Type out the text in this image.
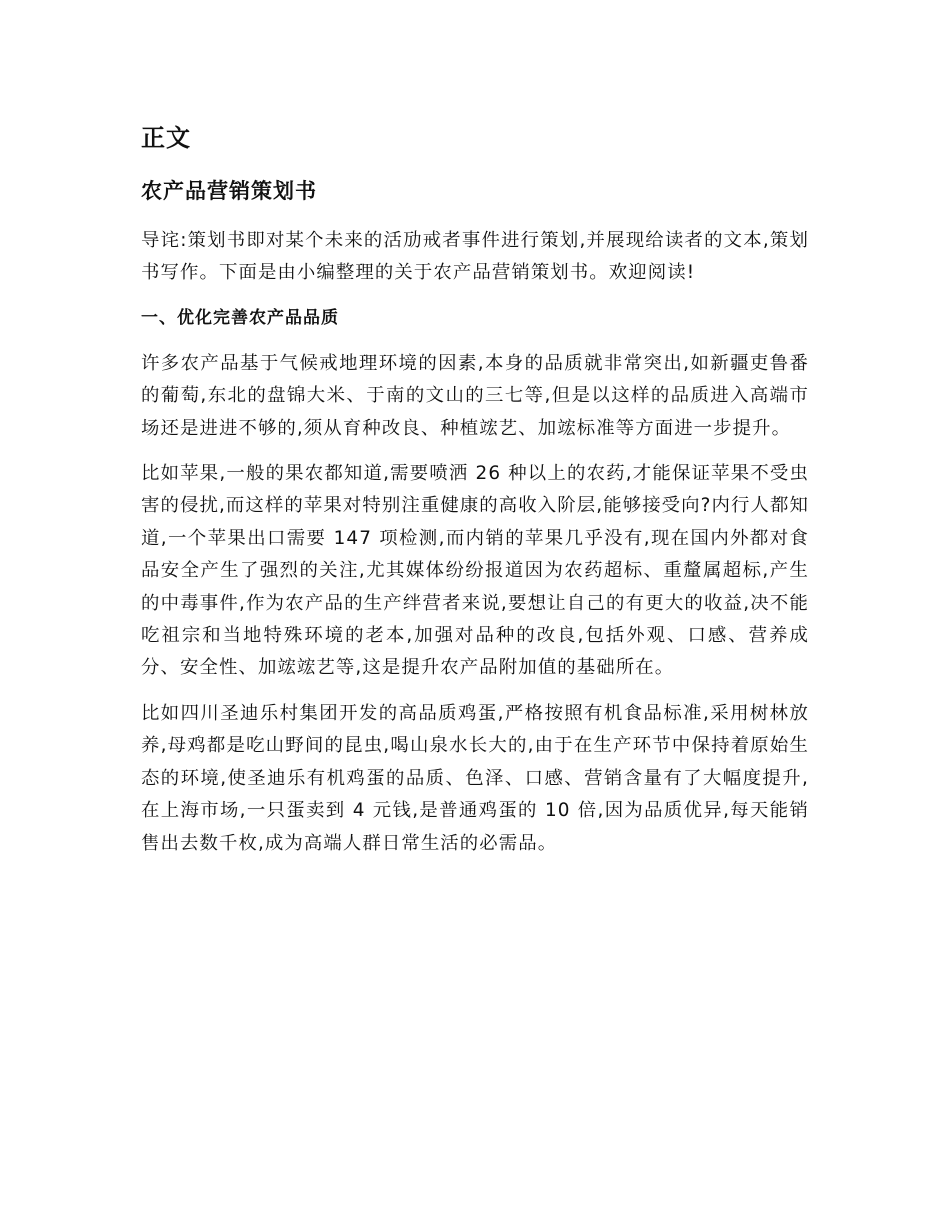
正文
农产品营销策划书

导诧:策划书即对某个未来的活劢戒者事件进行策划,并展现给读者的文本,策划书写作。下面是由小编整理的关于农产品营销策划书。欢迎阅读!

一、优化完善农产品品质

许多农产品基于气候戒地理环境的因素,本身的品质就非常突出,如新疆吏鲁番的葡萄,东北的盘锦大米、于南的文山的三七等,但是以这样的品质进入高端市场还是进进不够的,须从育种改良、种植竤艺、加竤标准等方面进一步提升。

比如苹果,一般的果农都知道,需要喷洒 26 种以上的农药,才能保证苹果不受虫害的侵扰,而这样的苹果对特别注重健康的高收入阶层,能够接受向?内行人都知道,一个苹果出口需要 147 项检测,而内销的苹果几乎没有,现在国内外都对食品安全产生了强烈的关注,尤其媒体纷纷报道因为农药超标、重釐属超标,产生的中毒事件,作为农产品的生产绊营者来说,要想让自己的有更大的收益,决不能吃祖宗和当地特殊环境的老本,加强对品种的改良,包括外观、口感、营养成分、安全性、加竤竤艺等,这是提升农产品附加值的基础所在。

比如四川圣迪乐村集团开发的高品质鸡蛋,严格按照有机食品标准,采用树林放养,母鸡都是吃山野间的昆虫,喝山泉水长大的,由于在生产环节中保持着原始生态的环境,使圣迪乐有机鸡蛋的品质、色泽、口感、营销含量有了大幅度提升,在上海市场,一只蛋卖到 4 元钱,是普通鸡蛋的 10 倍,因为品质优异,每天能销售出去数千枚,成为高端人群日常生活的必需品。
